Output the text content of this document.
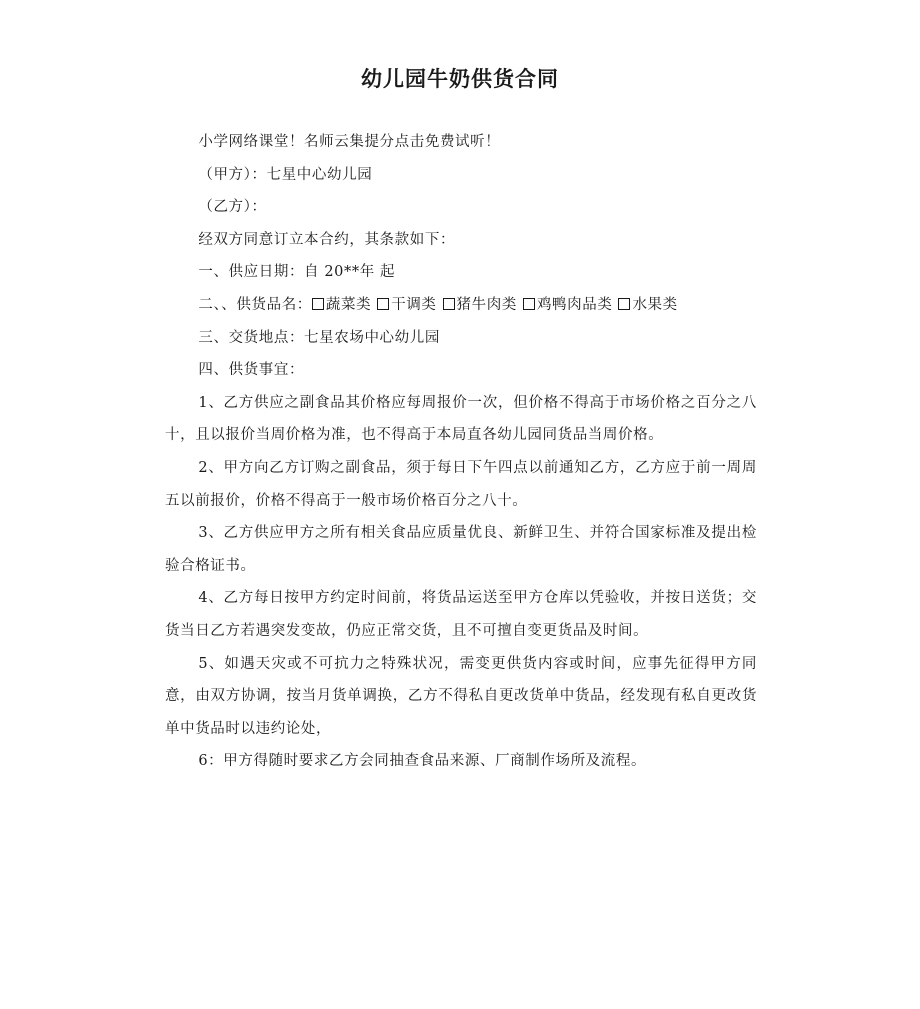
幼儿园牛奶供货合同

小学网络课堂！名师云集提分点击免费试听！

（甲方）：七星中心幼儿园

（乙方）：

经双方同意订立本合约，其条款如下：

一、供应日期：自 20**年 起

二、、供货品名： 蔬菜类 干调类 猪牛肉类 鸡鸭肉品类 水果类

三、交货地点：七星农场中心幼儿园

四、供货事宜：

1、乙方供应之副食品其价格应每周报价一次，但价格不得高于市场价格之百分之八十，且以报价当周价格为准，也不得高于本局直各幼儿园同货品当周价格。

2、甲方向乙方订购之副食品，须于每日下午四点以前通知乙方，乙方应于前一周周五以前报价，价格不得高于一般市场价格百分之八十。

3、乙方供应甲方之所有相关食品应质量优良、新鲜卫生、并符合国家标准及提出检验合格证书。

4、乙方每日按甲方约定时间前，将货品运送至甲方仓库以凭验收，并按日送货；交货当日乙方若遇突发变故，仍应正常交货，且不可擅自变更货品及时间。

5、如遇天灾或不可抗力之特殊状况，需变更供货内容或时间，应事先征得甲方同意，由双方协调，按当月货单调换，乙方不得私自更改货单中货品，经发现有私自更改货单中货品时以违约论处，

6：甲方得随时要求乙方会同抽查食品来源、厂商制作场所及流程。
